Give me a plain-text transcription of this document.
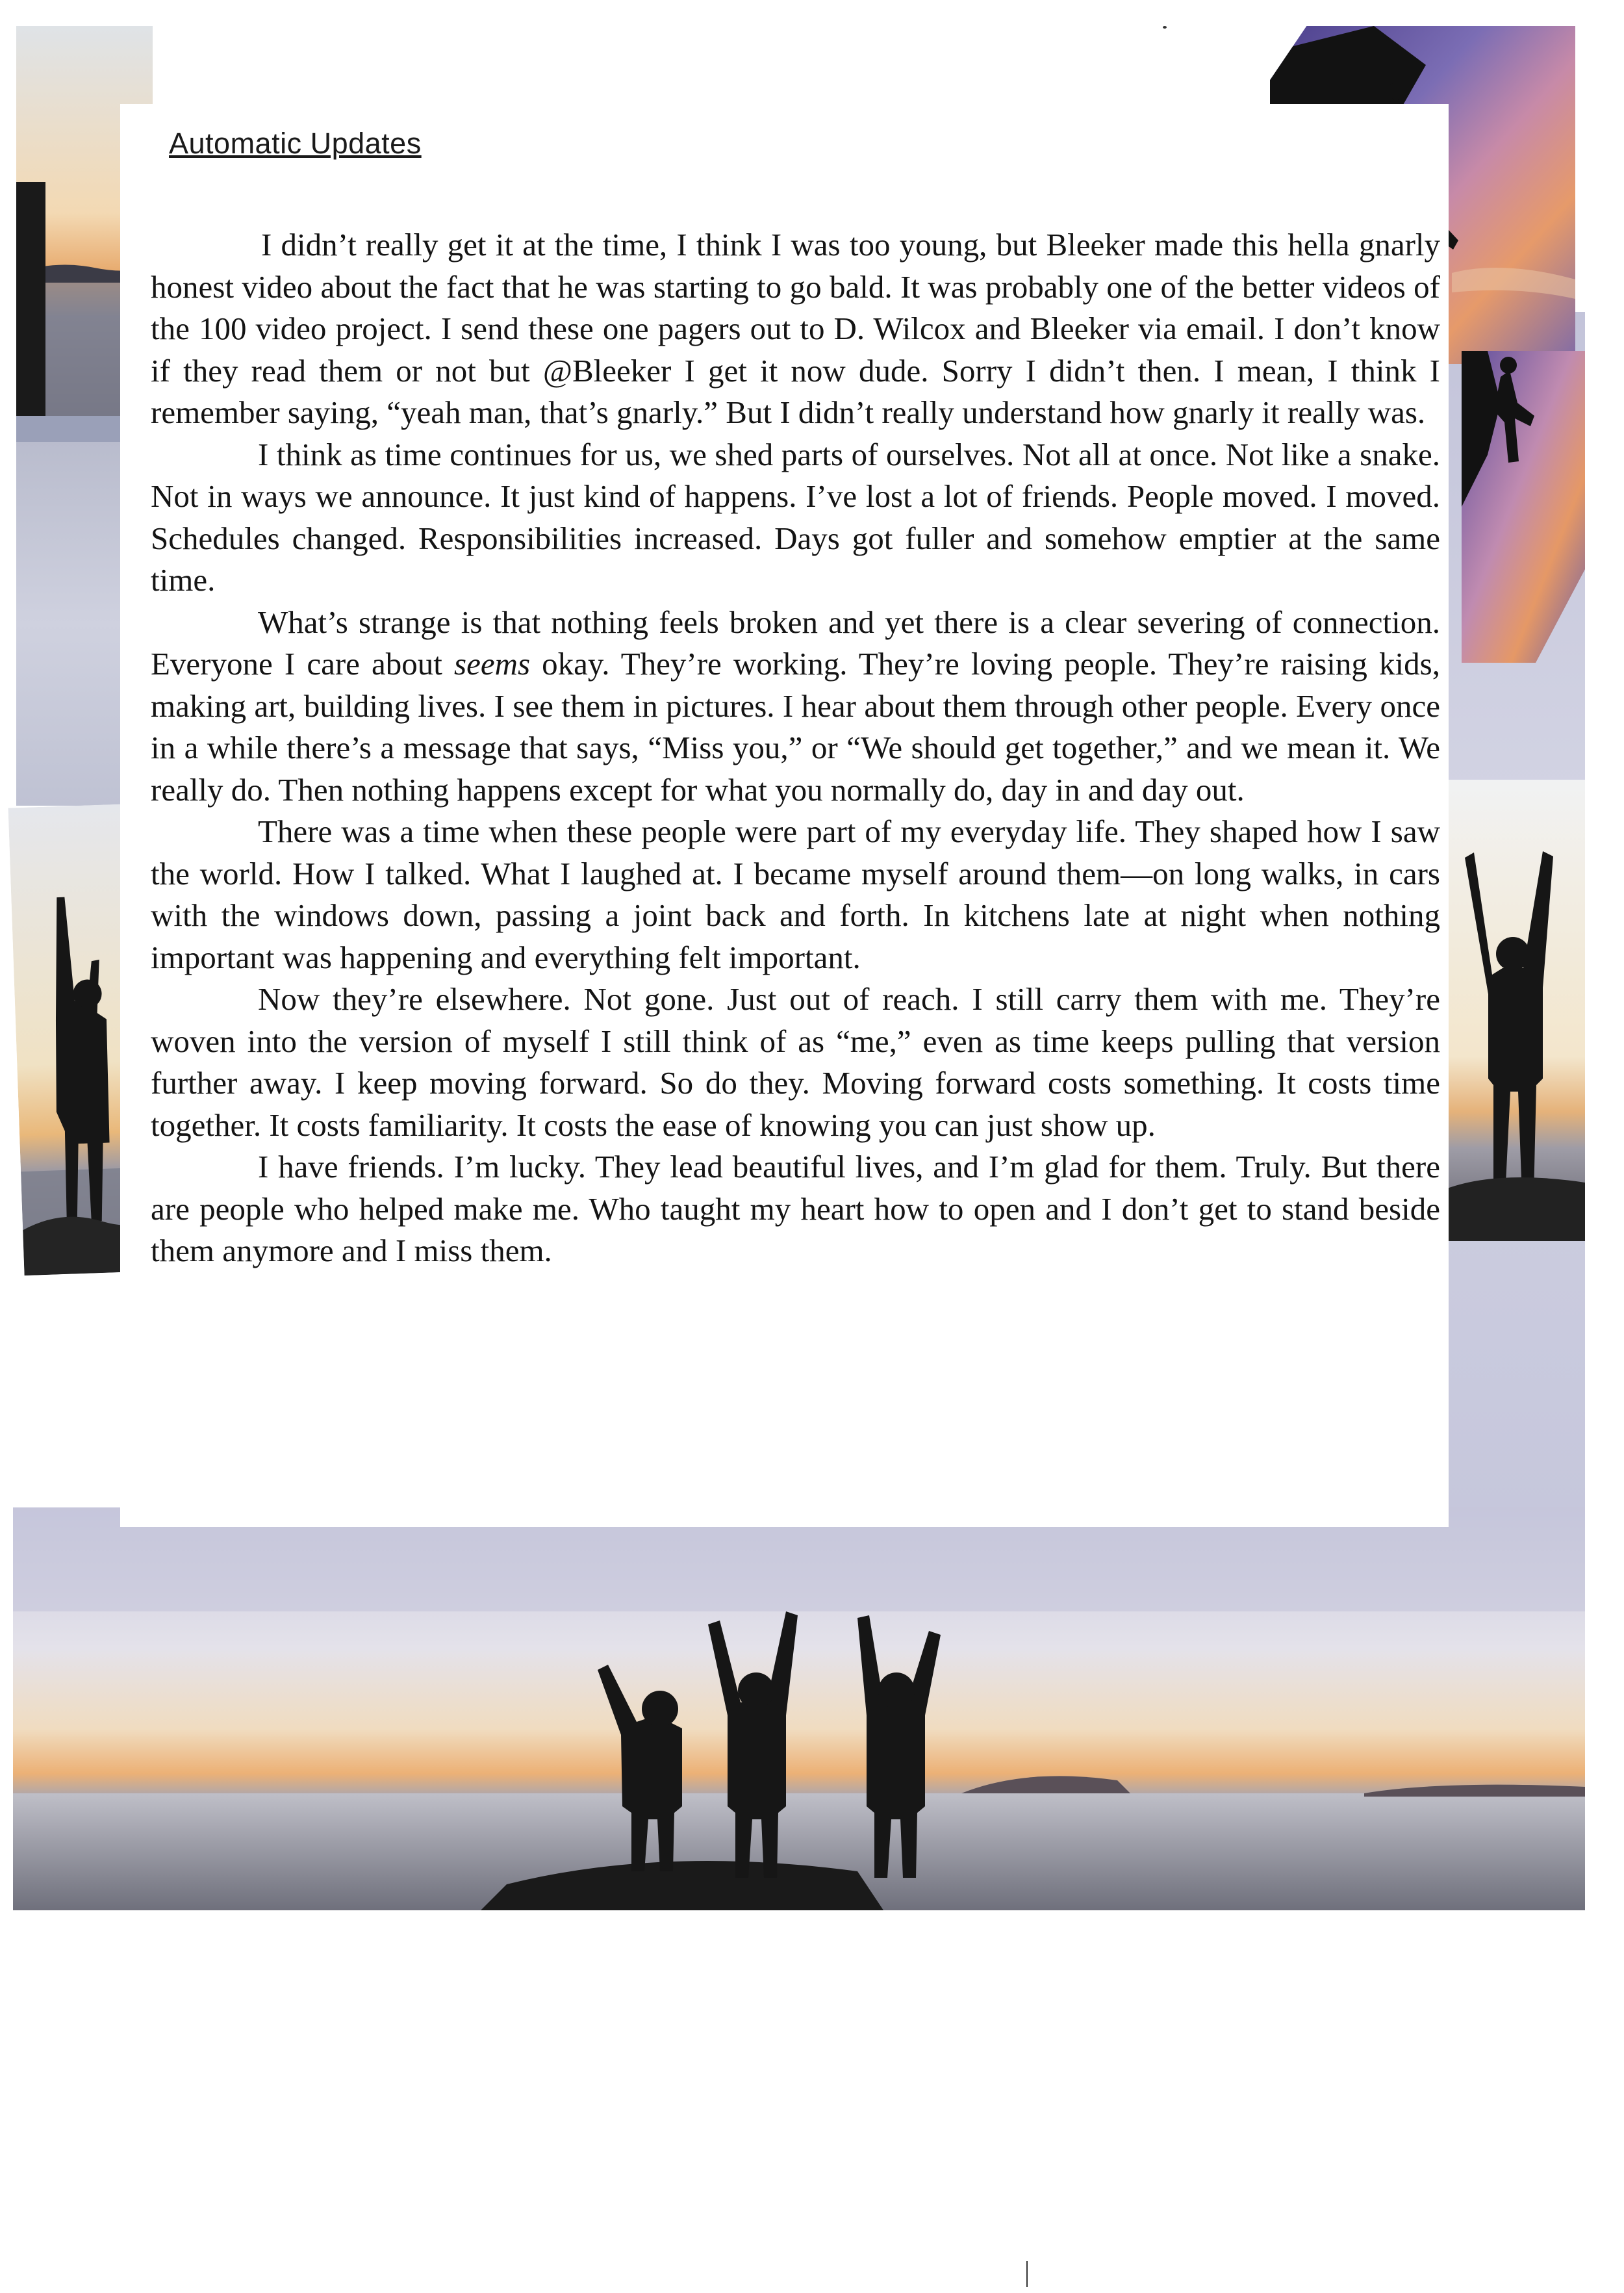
Automatic Updates

I didn’t really get it at the time, I think I was too young, but Bleeker made this hella gnarly honest video about the fact that he was starting to go bald. It was probably one of the better videos of the 100 video project. I send these one pagers out to D. Wilcox and Bleeker via email. I don’t know if they read them or not but @Bleeker I get it now dude. Sorry I didn’t then. I mean, I think I remember saying, “yeah man, that’s gnarly.” But I didn’t really understand how gnarly it really was.

I think as time continues for us, we shed parts of ourselves. Not all at once. Not like a snake. Not in ways we announce. It just kind of happens. I’ve lost a lot of friends. People moved. I moved. Schedules changed. Responsibilities increased. Days got fuller and somehow emptier at the same time.

What’s strange is that nothing feels broken and yet there is a clear severing of connection. Everyone I care about seems okay. They’re working. They’re loving people. They’re raising kids, making art, building lives. I see them in pictures. I hear about them through other people. Every once in a while there’s a message that says, “Miss you,” or “We should get together,” and we mean it. We really do. Then nothing happens except for what you normally do, day in and day out.

There was a time when these people were part of my everyday life. They shaped how I saw the world. How I talked. What I laughed at. I became myself around them—on long walks, in cars with the windows down, passing a joint back and forth. In kitchens late at night when nothing important was happening and everything felt important.

Now they’re elsewhere. Not gone. Just out of reach. I still carry them with me. They’re woven into the version of myself I still think of as “me,” even as time keeps pulling that version further away. I keep moving forward. So do they. Moving forward costs something. It costs time together. It costs familiarity. It costs the ease of knowing you can just show up.

I have friends. I’m lucky. They lead beautiful lives, and I’m glad for them. Truly. But there are people who helped make me. Who taught my heart how to open and I don’t get to stand beside them anymore and I miss them.
